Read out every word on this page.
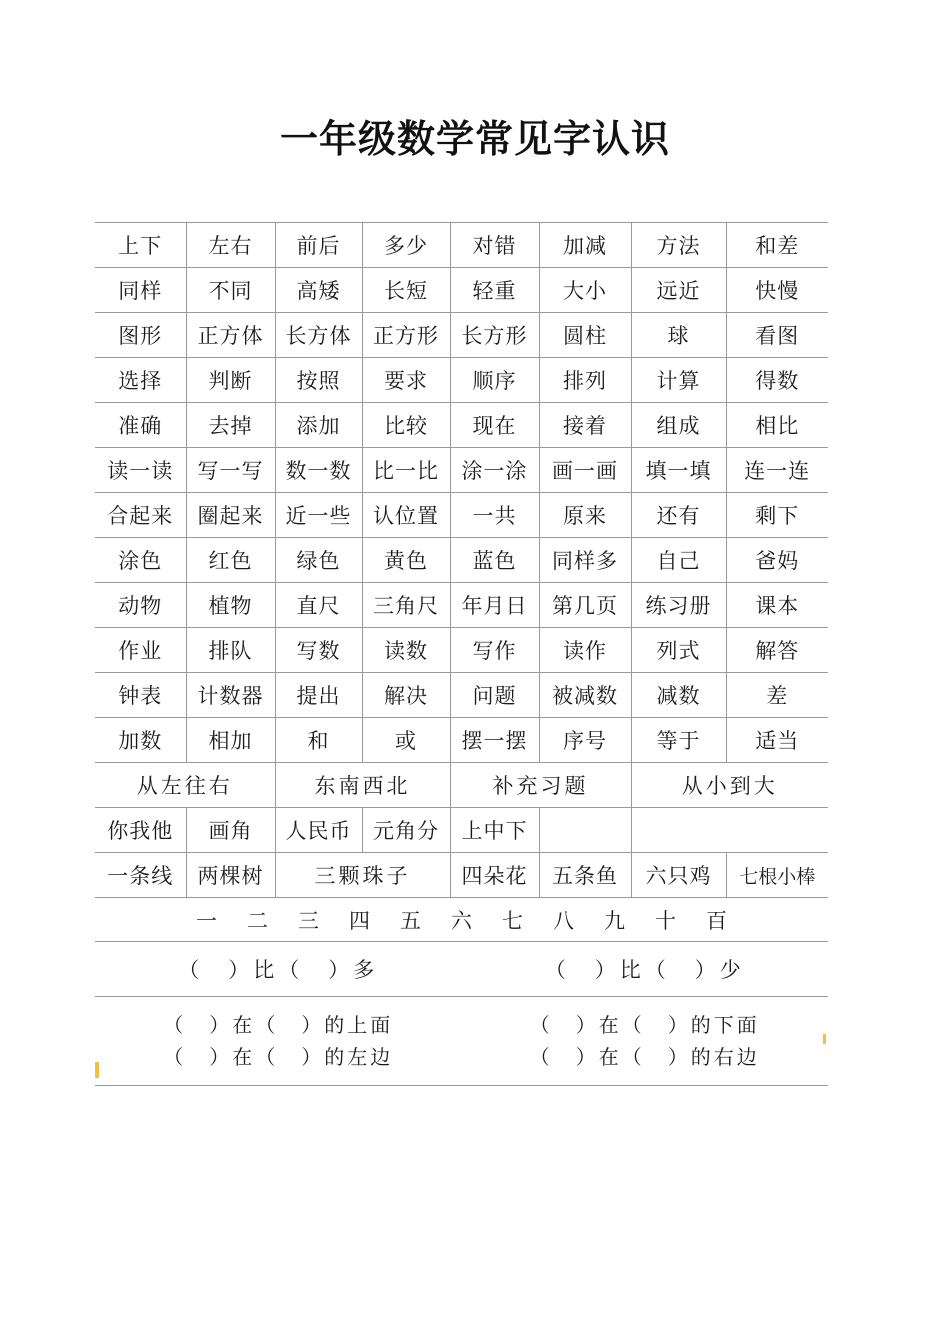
一年级数学常见字认识
上下	左右	前后	多少	对错	加减	方法	和差
同样	不同	高矮	长短	轻重	大小	远近	快慢
图形	正方体	长方体	正方形	长方形	圆柱	球	看图
选择	判断	按照	要求	顺序	排列	计算	得数
准确	去掉	添加	比较	现在	接着	组成	相比
读一读	写一写	数一数	比一比	涂一涂	画一画	填一填	连一连
合起来	圈起来	近一些	认位置	一共	原来	还有	剩下
涂色	红色	绿色	黄色	蓝色	同样多	自己	爸妈
动物	植物	直尺	三角尺	年月日	第几页	练习册	课本
作业	排队	写数	读数	写作	读作	列式	解答
钟表	计数器	提出	解决	问题	被减数	减数	差
加数	相加	和	或	摆一摆	序号	等于	适当
从左往右		东南西北		补充习题		从小到大	
你我他	画角	人民币	元角分	上中下			
一条线	两棵树	三颗珠子		四朵花	五条鱼	六只鸡	七根小棒
一	二	三	四	五	六	七	八	九	十	百
（　）比（　）多	（　）比（　）少
（　）在（　）的上面	（　）在（　）的下面
（　）在（　）的左边	（　）在（　）的右边
